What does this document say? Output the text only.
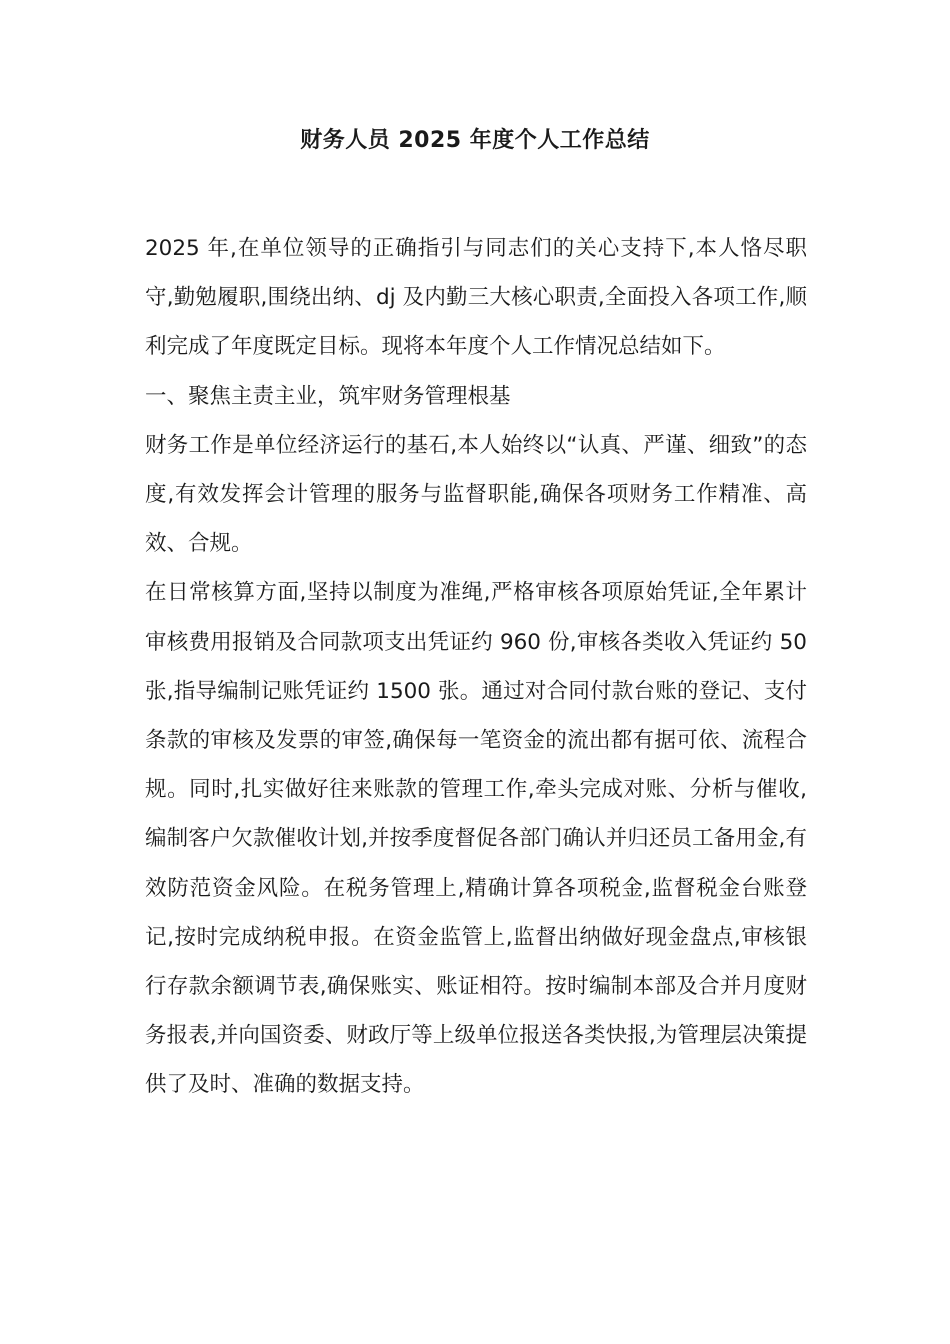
财务人员 2025 年度个人工作总结

2025 年,在单位领导的正确指引与同志们的关心支持下,本人恪尽职守,勤勉履职,围绕出纳、dj 及内勤三大核心职责,全面投入各项工作,顺利完成了年度既定目标。现将本年度个人工作情况总结如下。

一、聚焦主责主业，筑牢财务管理根基

财务工作是单位经济运行的基石,本人始终以“认真、严谨、细致”的态度,有效发挥会计管理的服务与监督职能,确保各项财务工作精准、高效、合规。

在日常核算方面,坚持以制度为准绳,严格审核各项原始凭证,全年累计审核费用报销及合同款项支出凭证约 960 份,审核各类收入凭证约 50 张,指导编制记账凭证约 1500 张。通过对合同付款台账的登记、支付条款的审核及发票的审签,确保每一笔资金的流出都有据可依、流程合规。同时,扎实做好往来账款的管理工作,牵头完成对账、分析与催收,编制客户欠款催收计划,并按季度督促各部门确认并归还员工备用金,有效防范资金风险。在税务管理上,精确计算各项税金,监督税金台账登记,按时完成纳税申报。在资金监管上,监督出纳做好现金盘点,审核银行存款余额调节表,确保账实、账证相符。按时编制本部及合并月度财务报表,并向国资委、财政厅等上级单位报送各类快报,为管理层决策提供了及时、准确的数据支持。
